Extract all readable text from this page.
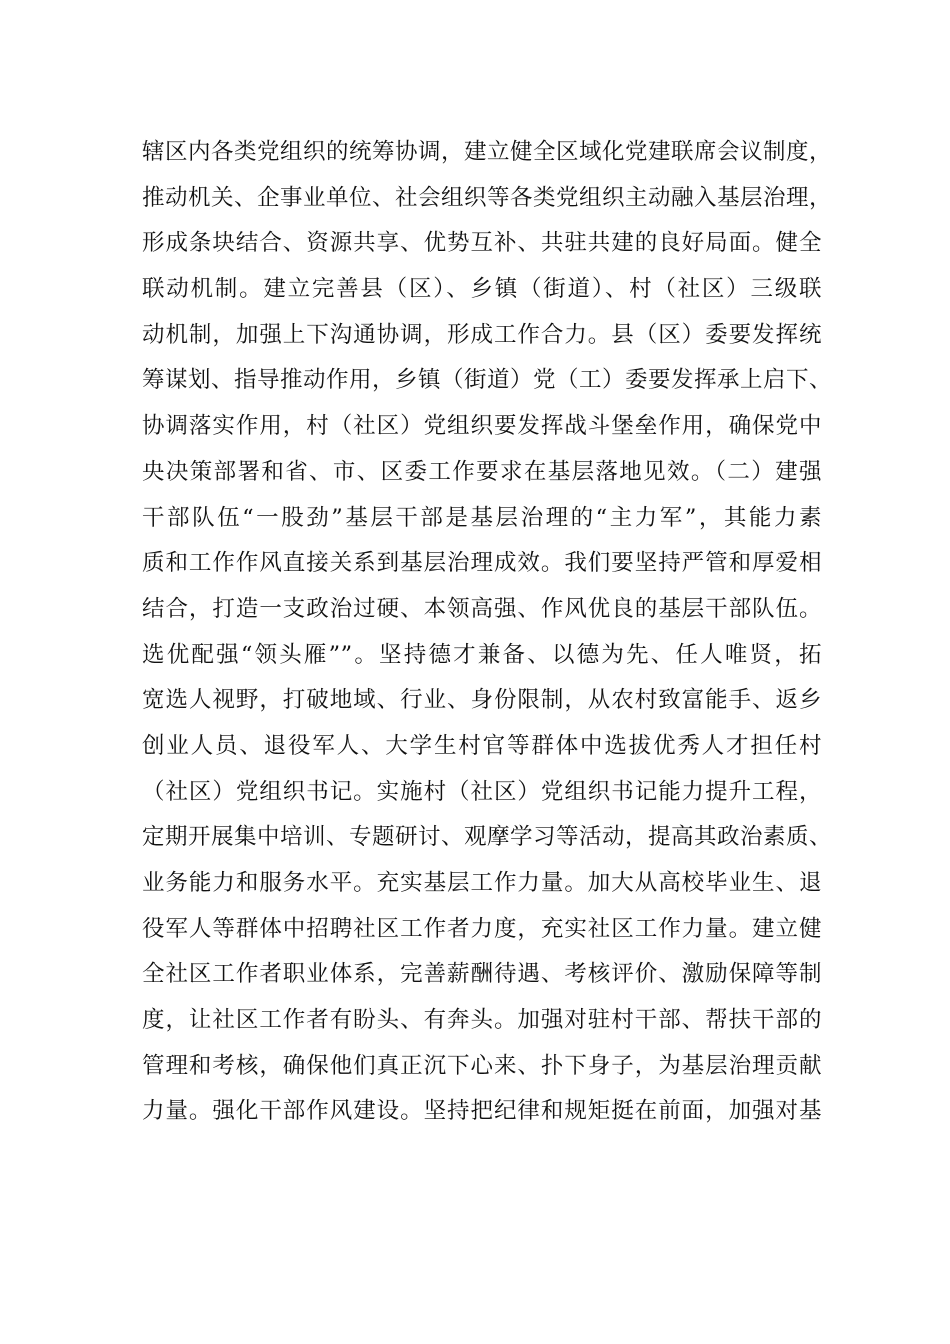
辖区内各类党组织的统筹协调，建立健全区域化党建联席会议制度，
推动机关、企事业单位、社会组织等各类党组织主动融入基层治理，
形成条块结合、资源共享、优势互补、共驻共建的良好局面。健全
联动机制。建立完善县（区）、乡镇（街道）、村（社区）三级联
动机制，加强上下沟通协调，形成工作合力。县（区）委要发挥统
筹谋划、指导推动作用，乡镇（街道）党（工）委要发挥承上启下、
协调落实作用，村（社区）党组织要发挥战斗堡垒作用，确保党中
央决策部署和省、市、区委工作要求在基层落地见效。（二）建强
干部队伍“一股劲”基层干部是基层治理的“主力军”，其能力素
质和工作作风直接关系到基层治理成效。我们要坚持严管和厚爱相
结合，打造一支政治过硬、本领高强、作风优良的基层干部队伍。
选优配强“领头雁””。坚持德才兼备、以德为先、任人唯贤，拓
宽选人视野，打破地域、行业、身份限制，从农村致富能手、返乡
创业人员、退役军人、大学生村官等群体中选拔优秀人才担任村
（社区）党组织书记。实施村（社区）党组织书记能力提升工程，
定期开展集中培训、专题研讨、观摩学习等活动，提高其政治素质、
业务能力和服务水平。充实基层工作力量。加大从高校毕业生、退
役军人等群体中招聘社区工作者力度，充实社区工作力量。建立健
全社区工作者职业体系，完善薪酬待遇、考核评价、激励保障等制
度，让社区工作者有盼头、有奔头。加强对驻村干部、帮扶干部的
管理和考核，确保他们真正沉下心来、扑下身子，为基层治理贡献
力量。强化干部作风建设。坚持把纪律和规矩挺在前面，加强对基
